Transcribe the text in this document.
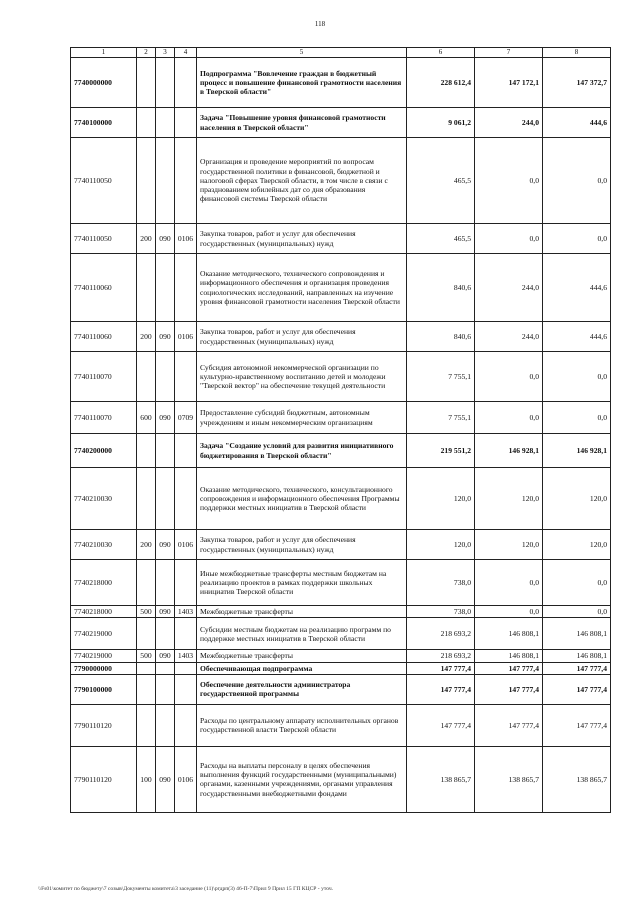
118
1	2	3	4	5	6	7	8
7740000000				Подпрограмма "Вовлечение граждан в бюджетный процесс и повышение финансовой грамотности населения в Тверской области"	228 612,4	147 172,1	147 372,7
7740100000				Задача "Повышение уровня финансовой грамотности населения в Тверской области"	9 061,2	244,0	444,6
7740110050				Организация и проведение мероприятий по вопросам государственной политики в финансовой, бюджетной и налоговой сферах Тверской области, в том числе в связи с празднованием юбилейных дат со дня образования финансовой системы Тверской области	465,5	0,0	0,0
7740110050	200	090	0106	Закупка товаров, работ и услуг для обеспечения государственных (муниципальных) нужд	465,5	0,0	0,0
7740110060				Оказание методического, технического сопровождения и информационного обеспечения и организация проведения социологических исследований, направленных на изучение уровня финансовой грамотности населения Тверской области	840,6	244,0	444,6
7740110060	200	090	0106	Закупка товаров, работ и услуг для обеспечения государственных (муниципальных) нужд	840,6	244,0	444,6
7740110070				Субсидия автономной некоммерческой организации по культурно-нравственному воспитанию детей и молодежи "Тверской вектор" на обеспечение текущей деятельности	7 755,1	0,0	0,0
7740110070	600	090	0709	Предоставление субсидий бюджетным, автономным учреждениям и иным некоммерческим организациям	7 755,1	0,0	0,0
7740200000				Задача "Создание условий для развития инициативного бюджетирования в Тверской области"	219 551,2	146 928,1	146 928,1
7740210030				Оказание методического, технического, консультационного сопровождения и информационного обеспечения Программы поддержки местных инициатив в Тверской области	120,0	120,0	120,0
7740210030	200	090	0106	Закупка товаров, работ и услуг для обеспечения государственных (муниципальных) нужд	120,0	120,0	120,0
7740218000				Иные межбюджетные трансферты местным бюджетам на реализацию проектов в рамках поддержки школьных инициатив Тверской области	738,0	0,0	0,0
7740218000	500	090	1403	Межбюджетные трансферты	738,0	0,0	0,0
7740219000				Субсидии местным бюджетам на реализацию программ по поддержке местных инициатив в Тверской области	218 693,2	146 808,1	146 808,1
7740219000	500	090	1403	Межбюджетные трансферты	218 693,2	146 808,1	146 808,1
7790000000				Обеспечивающая подпрограмма	147 777,4	147 777,4	147 777,4
7790100000				Обеспечение деятельности администратора государственной программы	147 777,4	147 777,4	147 777,4
7790110120				Расходы по центральному аппарату исполнительных органов государственной власти Тверской области	147 777,4	147 777,4	147 777,4
7790110120	100	090	0106	Расходы на выплаты персоналу в целях обеспечения выполнения функций государственными (муниципальными) органами, казенными учреждениями, органами управления государственными внебюджетными фондами	138 865,7	138 865,7	138 865,7
\\Fs01\комитет по бюджету\7 созыв\Документы комитета\3 заседание (11)\ргдрп(3) 46-П-7\Прил 9 Прил 15 ГП КЦСР - уточ.
